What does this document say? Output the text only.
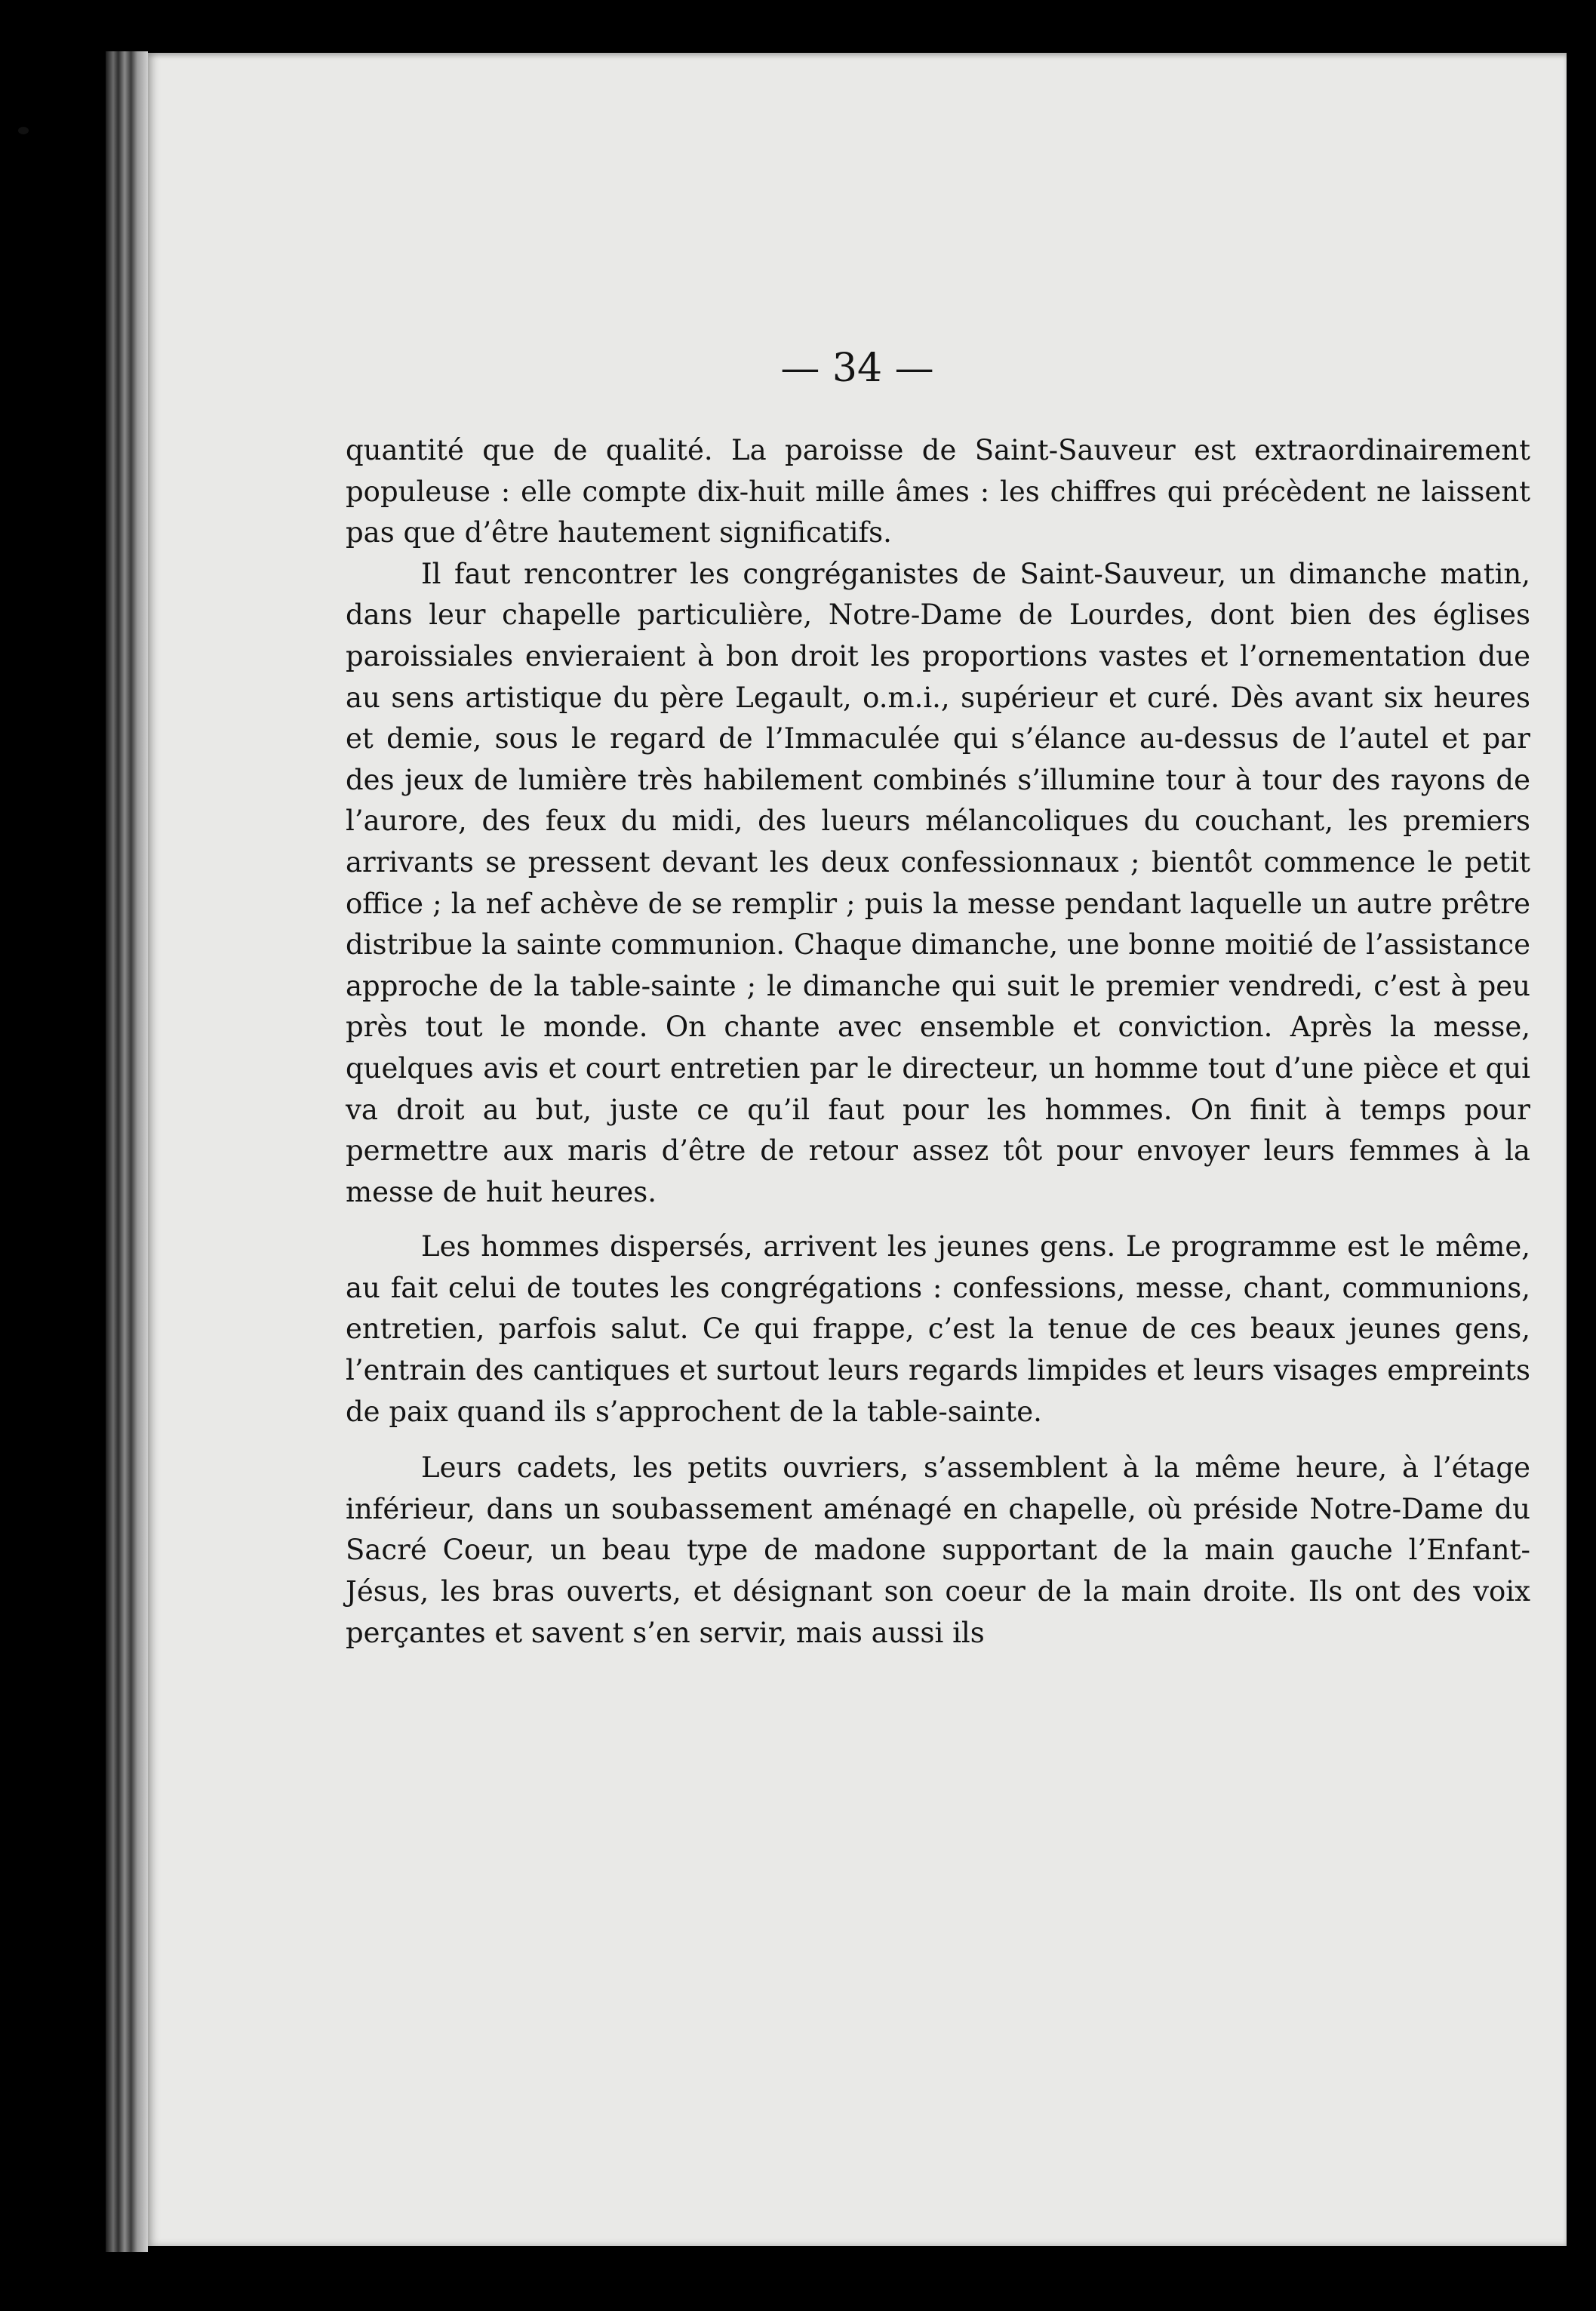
— 34 —

quantité que de qualité. La paroisse de Saint-Sauveur est extraordinairement populeuse : elle compte dix-huit mille âmes : les chiffres qui précèdent ne laissent pas que d’être hautement significatifs.

Il faut rencontrer les congréganistes de Saint-Sauveur, un dimanche matin, dans leur chapelle particulière, Notre-Dame de Lourdes, dont bien des églises paroissiales envieraient à bon droit les proportions vastes et l’ornementation due au sens artistique du père Legault, o.m.i., supérieur et curé. Dès avant six heures et demie, sous le regard de l’Immaculée qui s’élance au-dessus de l’autel et par des jeux de lumière très habilement combinés s’illumine tour à tour des rayons de l’aurore, des feux du midi, des lueurs mélancoliques du couchant, les premiers arrivants se pressent devant les deux confessionnaux ; bientôt commence le petit office ; la nef achève de se remplir ; puis la messe pendant laquelle un autre prêtre distribue la sainte communion. Chaque dimanche, une bonne moitié de l’assistance approche de la table-sainte ; le dimanche qui suit le premier vendredi, c’est à peu près tout le monde. On chante avec ensemble et conviction. Après la messe, quelques avis et court entretien par le directeur, un homme tout d’une pièce et qui va droit au but, juste ce qu’il faut pour les hommes. On finit à temps pour permettre aux maris d’être de retour assez tôt pour envoyer leurs femmes à la messe de huit heures.

Les hommes dispersés, arrivent les jeunes gens. Le programme est le même, au fait celui de toutes les congrégations : confessions, messe, chant, communions, entretien, parfois salut. Ce qui frappe, c’est la tenue de ces beaux jeunes gens, l’entrain des cantiques et surtout leurs regards limpides et leurs visages empreints de paix quand ils s’approchent de la table-sainte.

Leurs cadets, les petits ouvriers, s’assemblent à la même heure, à l’étage inférieur, dans un soubassement aménagé en chapelle, où préside Notre-Dame du Sacré Coeur, un beau type de madone supportant de la main gauche l’Enfant-Jésus, les bras ouverts, et désignant son coeur de la main droite. Ils ont des voix perçantes et savent s’en servir, mais aussi ils
